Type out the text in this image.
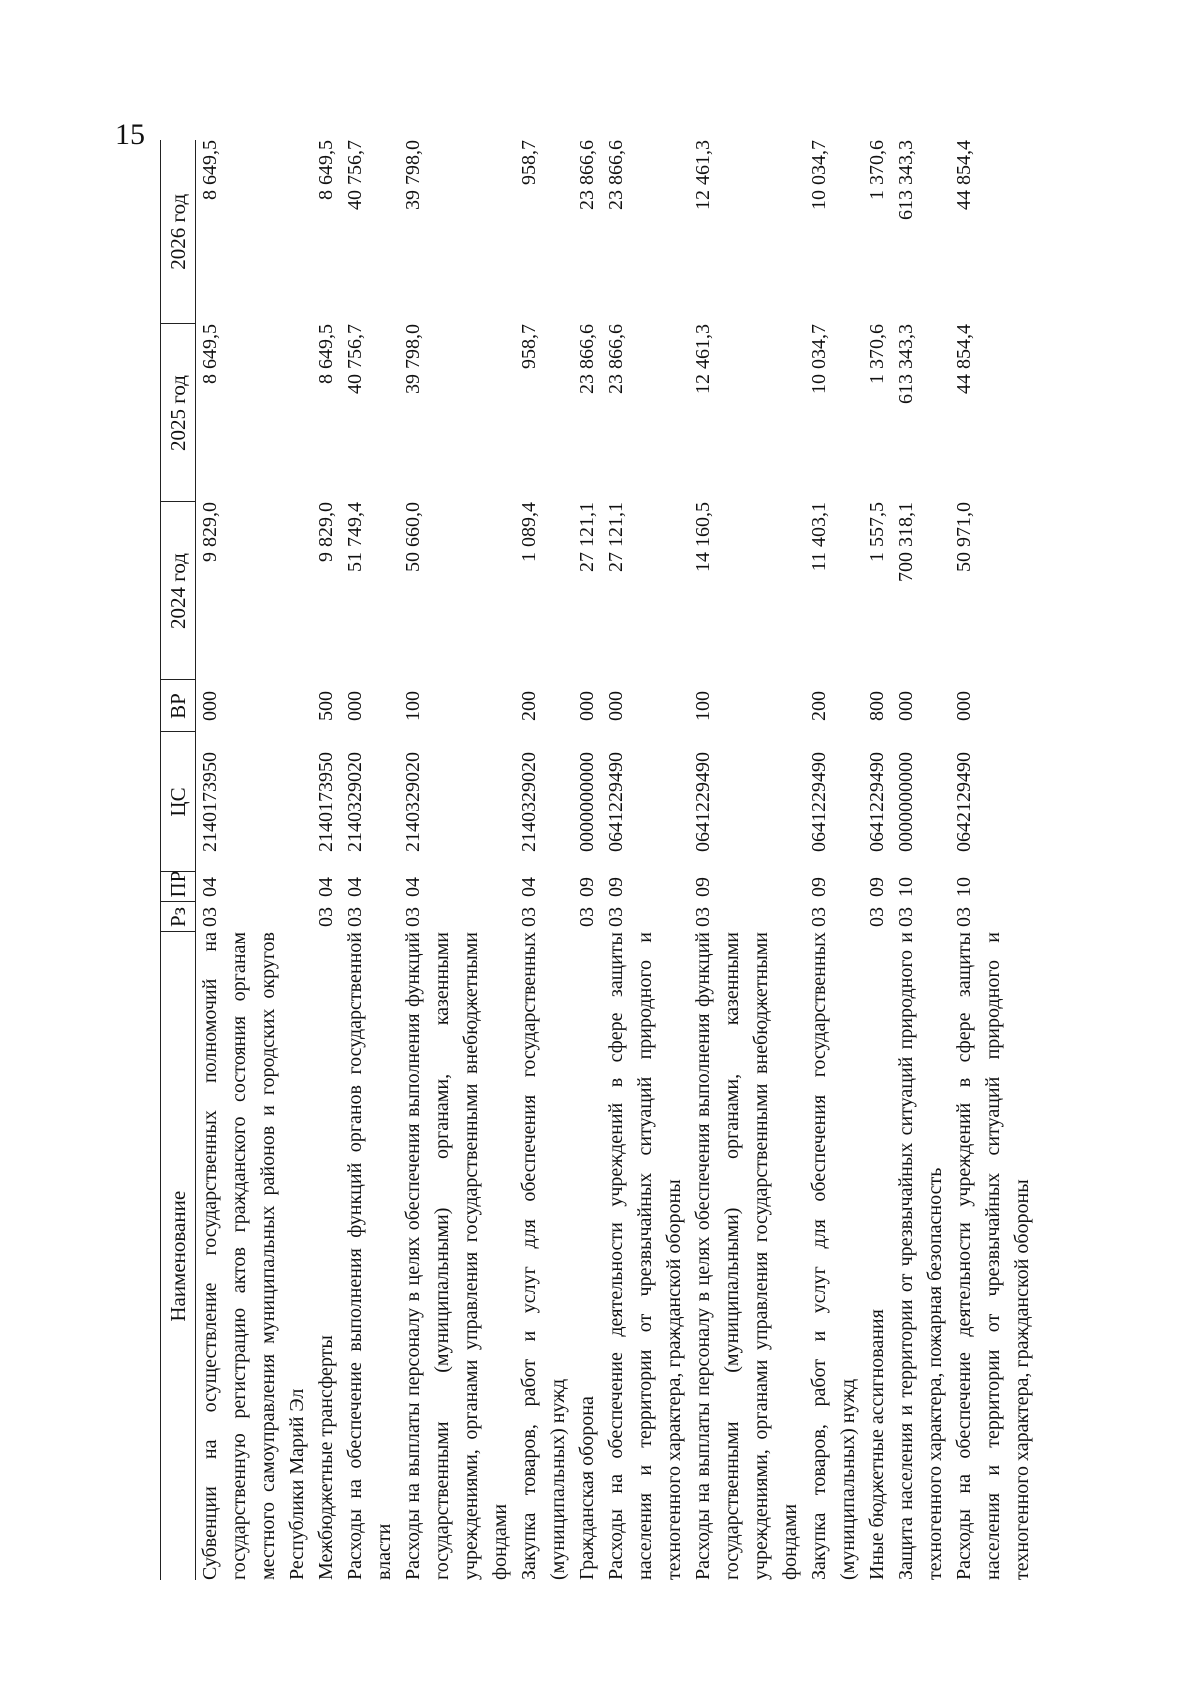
15
Наименование	Рз	ПР	ЦС	ВР	2024 год	2025 год	2026 год
Субвенции на осуществление государственных полномочий на государственную регистрацию актов гражданского состояния органам местного самоуправления муниципальных районов и городских округов Республики Марий Эл	03	04	2140173950	000	9 829,0	8 649,5	8 649,5
Межбюджетные трансферты	03	04	2140173950	500	9 829,0	8 649,5	8 649,5
Расходы на обеспечение выполнения функций органов государственной власти	03	04	2140329020	000	51 749,4	40 756,7	40 756,7
Расходы на выплаты персоналу в целях обеспечения выполнения функций государственными (муниципальными) органами, казенными учреждениями, органами управления государственными внебюджетными фондами	03	04	2140329020	100	50 660,0	39 798,0	39 798,0
Закупка товаров, работ и услуг для обеспечения государственных (муниципальных) нужд	03	04	2140329020	200	1 089,4	958,7	958,7
Гражданская оборона	03	09	0000000000	000	27 121,1	23 866,6	23 866,6
Расходы на обеспечение деятельности учреждений в сфере защиты населения и территории от чрезвычайных ситуаций природного и техногенного характера, гражданской обороны	03	09	0641229490	000	27 121,1	23 866,6	23 866,6
Расходы на выплаты персоналу в целях обеспечения выполнения функций государственными (муниципальными) органами, казенными учреждениями, органами управления государственными внебюджетными фондами	03	09	0641229490	100	14 160,5	12 461,3	12 461,3
Закупка товаров, работ и услуг для обеспечения государственных (муниципальных) нужд	03	09	0641229490	200	11 403,1	10 034,7	10 034,7
Иные бюджетные ассигнования	03	09	0641229490	800	1 557,5	1 370,6	1 370,6
Защита населения и территории от чрезвычайных ситуаций природного и техногенного характера, пожарная безопасность	03	10	0000000000	000	700 318,1	613 343,3	613 343,3
Расходы на обеспечение деятельности учреждений в сфере защиты населения и территории от чрезвычайных ситуаций природного и техногенного характера, гражданской обороны	03	10	0642129490	000	50 971,0	44 854,4	44 854,4
